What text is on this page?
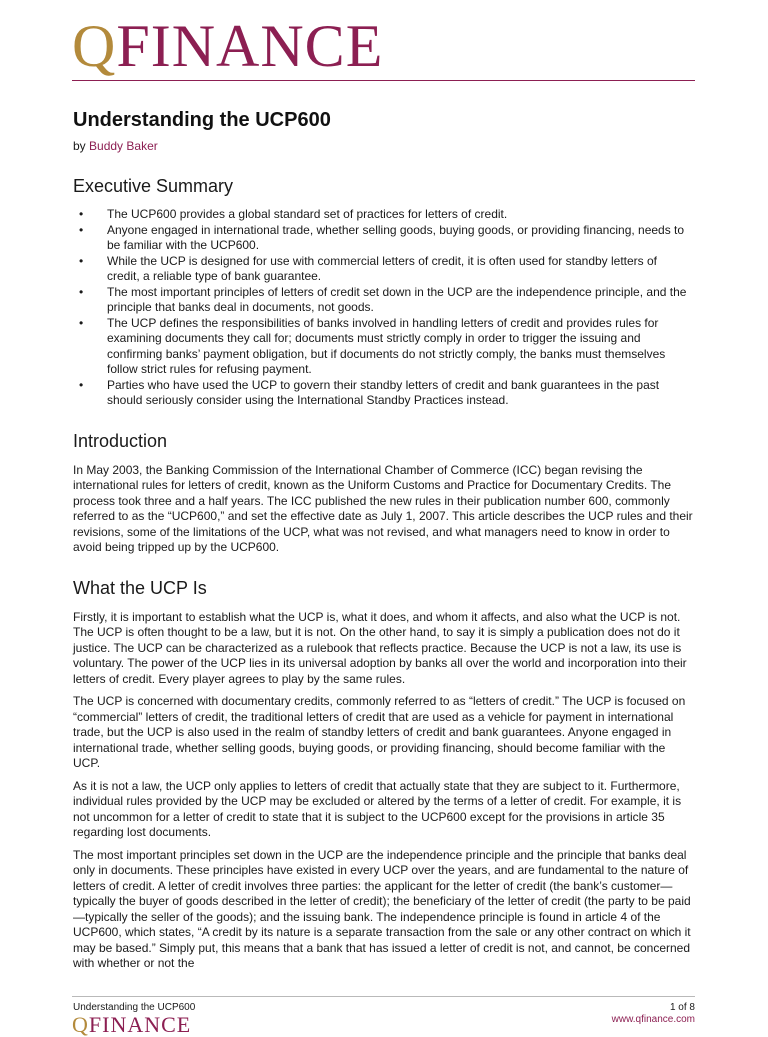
QFINANCE
Understanding the UCP600
by Buddy Baker
Executive Summary
• The UCP600 provides a global standard set of practices for letters of credit.
• Anyone engaged in international trade, whether selling goods, buying goods, or providing financing, needs to be familiar with the UCP600.
• While the UCP is designed for use with commercial letters of credit, it is often used for standby letters of credit, a reliable type of bank guarantee.
• The most important principles of letters of credit set down in the UCP are the independence principle, and the principle that banks deal in documents, not goods.
• The UCP defines the responsibilities of banks involved in handling letters of credit and provides rules for examining documents they call for; documents must strictly comply in order to trigger the issuing and confirming banks’ payment obligation, but if documents do not strictly comply, the banks must themselves follow strict rules for refusing payment.
• Parties who have used the UCP to govern their standby letters of credit and bank guarantees in the past should seriously consider using the International Standby Practices instead.
Introduction

In May 2003, the Banking Commission of the International Chamber of Commerce (ICC) began revising the international rules for letters of credit, known as the Uniform Customs and Practice for Documentary Credits. The process took three and a half years. The ICC published the new rules in their publication number 600, commonly referred to as the “UCP600,” and set the effective date as July 1, 2007. This article describes the UCP rules and their revisions, some of the limitations of the UCP, what was not revised, and what managers need to know in order to avoid being tripped up by the UCP600.

What the UCP Is

Firstly, it is important to establish what the UCP is, what it does, and whom it affects, and also what the UCP is not. The UCP is often thought to be a law, but it is not. On the other hand, to say it is simply a publication does not do it justice. The UCP can be characterized as a rulebook that reflects practice. Because the UCP is not a law, its use is voluntary. The power of the UCP lies in its universal adoption by banks all over the world and incorporation into their letters of credit. Every player agrees to play by the same rules.

The UCP is concerned with documentary credits, commonly referred to as “letters of credit.” The UCP is focused on “commercial” letters of credit, the traditional letters of credit that are used as a vehicle for payment in international trade, but the UCP is also used in the realm of standby letters of credit and bank guarantees. Anyone engaged in international trade, whether selling goods, buying goods, or providing financing, should become familiar with the UCP.

As it is not a law, the UCP only applies to letters of credit that actually state that they are subject to it. Furthermore, individual rules provided by the UCP may be excluded or altered by the terms of a letter of credit. For example, it is not uncommon for a letter of credit to state that it is subject to the UCP600 except for the provisions in article 35 regarding lost documents.

The most important principles set down in the UCP are the independence principle and the principle that banks deal only in documents. These principles have existed in every UCP over the years, and are fundamental to the nature of letters of credit. A letter of credit involves three parties: the applicant for the letter of credit (the bank’s customer—typically the buyer of goods described in the letter of credit); the beneficiary of the letter of credit (the party to be paid—typically the seller of the goods); and the issuing bank. The independence principle is found in article 4 of the UCP600, which states, “A credit by its nature is a separate transaction from the sale or any other contract on which it may be based.” Simply put, this means that a bank that has issued a letter of credit is not, and cannot, be concerned with whether or not the

Understanding the UCP600	1 of 8
QFINANCE	www.qfinance.com
